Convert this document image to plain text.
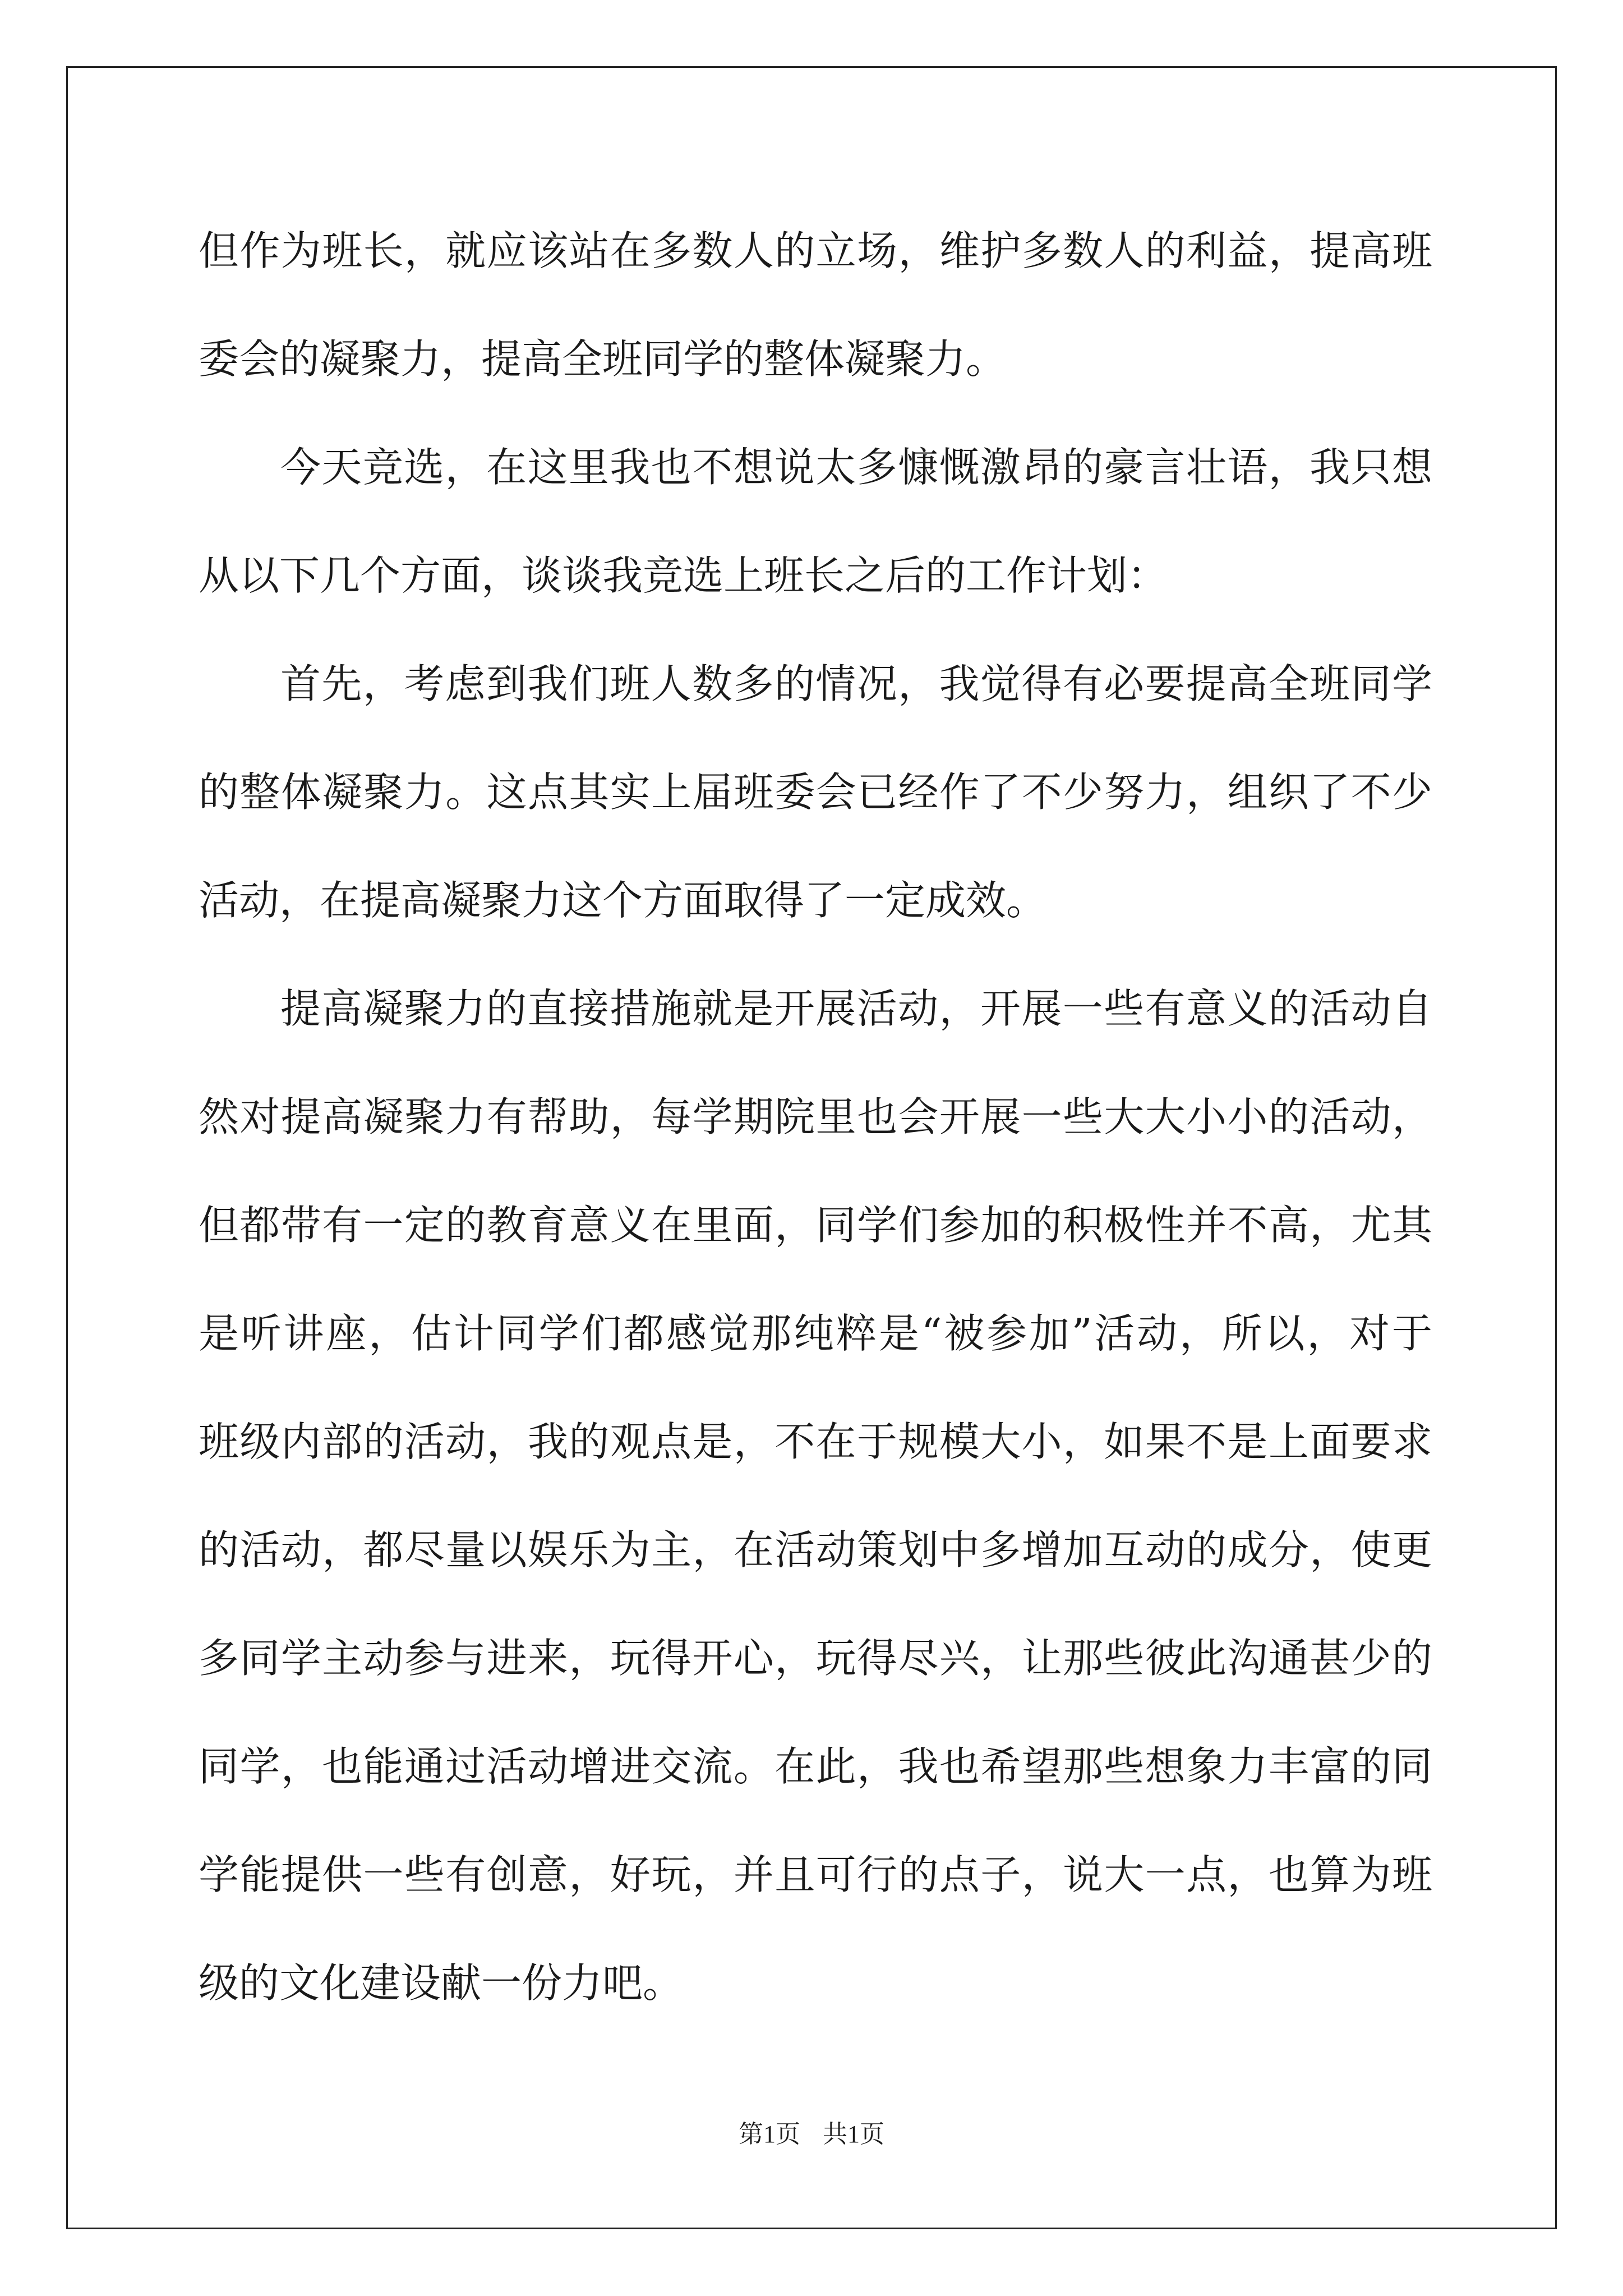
但作为班长，就应该站在多数人的立场，维护多数人的利益，提高班
委会的凝聚力，提高全班同学的整体凝聚力。
今天竞选，在这里我也不想说太多慷慨激昂的豪言壮语，我只想
从以下几个方面，谈谈我竞选上班长之后的工作计划：
首先，考虑到我们班人数多的情况，我觉得有必要提高全班同学
的整体凝聚力。这点其实上届班委会已经作了不少努力，组织了不少
活动，在提高凝聚力这个方面取得了一定成效。
提高凝聚力的直接措施就是开展活动，开展一些有意义的活动自
然对提高凝聚力有帮助，每学期院里也会开展一些大大小小的活动，
但都带有一定的教育意义在里面，同学们参加的积极性并不高，尤其
是听讲座，估计同学们都感觉那纯粹是“被参加”活动，所以，对于
班级内部的活动，我的观点是，不在于规模大小，如果不是上面要求
的活动，都尽量以娱乐为主，在活动策划中多增加互动的成分，使更
多同学主动参与进来，玩得开心，玩得尽兴，让那些彼此沟通甚少的
同学，也能通过活动增进交流。在此，我也希望那些想象力丰富的同
学能提供一些有创意，好玩，并且可行的点子，说大一点，也算为班
级的文化建设献一份力吧。
第1页 共1页
